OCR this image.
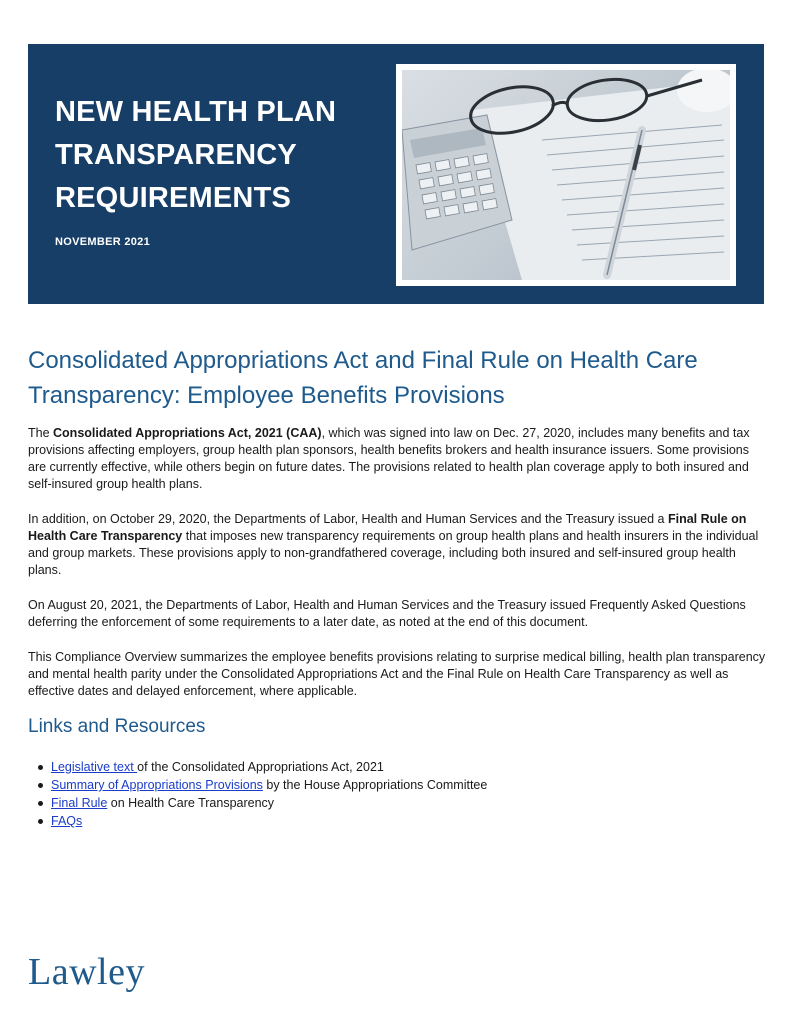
NEW HEALTH PLAN
TRANSPARENCY
REQUIREMENTS
NOVEMBER 2021
Consolidated Appropriations Act and Final Rule on Health Care
Transparency: Employee Benefits Provisions
The Consolidated Appropriations Act, 2021 (CAA), which was signed into law on Dec. 27, 2020, includes many benefits and tax provisions affecting employers, group health plan sponsors, health benefits brokers and health insurance issuers. Some provisions are currently effective, while others begin on future dates. The provisions related to health plan coverage apply to both insured and self-insured group health plans.
In addition, on October 29, 2020, the Departments of Labor, Health and Human Services and the Treasury issued a Final Rule on Health Care Transparency that imposes new transparency requirements on group health plans and health insurers in the individual and group markets. These provisions apply to non-grandfathered coverage, including both insured and self-insured group health plans.
On August 20, 2021, the Departments of Labor, Health and Human Services and the Treasury issued Frequently Asked Questions deferring the enforcement of some requirements to a later date, as noted at the end of this document.
This Compliance Overview summarizes the employee benefits provisions relating to surprise medical billing, health plan transparency and mental health parity under the Consolidated Appropriations Act and the Final Rule on Health Care Transparency as well as effective dates and delayed enforcement, where applicable.
Links and Resources
Legislative text of the Consolidated Appropriations Act, 2021
Summary of Appropriations Provisions by the House Appropriations Committee
Final Rule on Health Care Transparency
FAQs
Lawley
